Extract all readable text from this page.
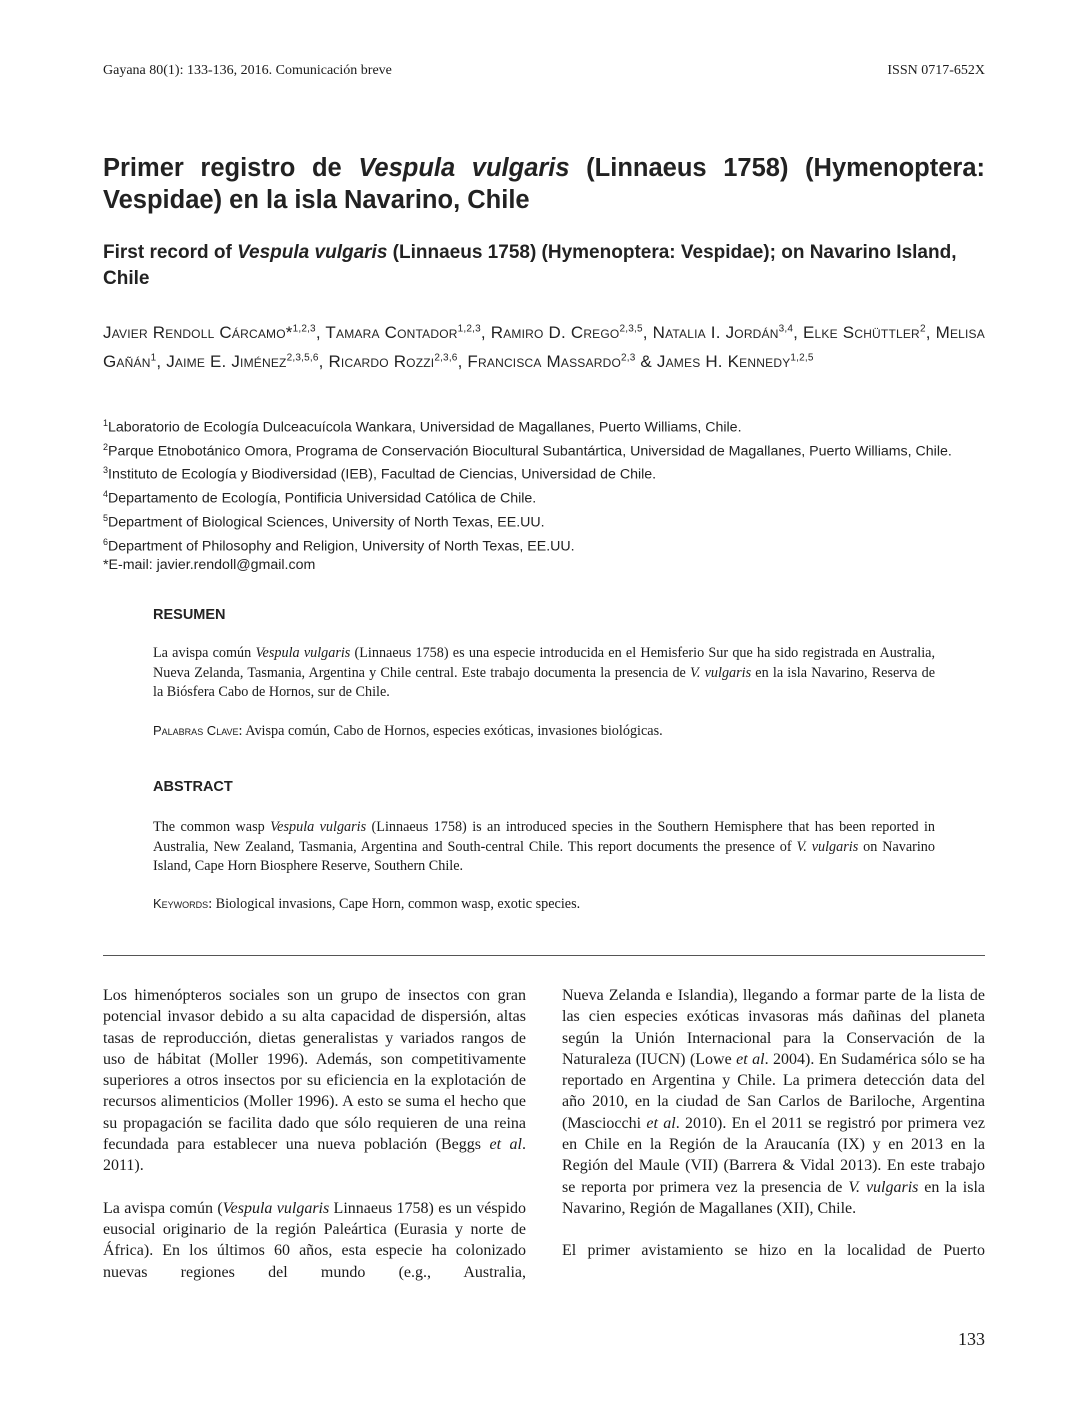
Gayana 80(1): 133-136, 2016. Comunicación breve	ISSN 0717-652X
Primer registro de Vespula vulgaris (Linnaeus 1758) (Hymenoptera: Vespidae) en la isla Navarino, Chile
First record of Vespula vulgaris (Linnaeus 1758) (Hymenoptera: Vespidae); on Navarino Island, Chile
Javier Rendoll Cárcamo*$^{1,2,3}$, Tamara Contador$^{1,2,3}$, Ramiro D. Crego$^{2,3,5}$, Natalia I. Jordán$^{3,4}$, Elke Schüttler$^2$, Melisa Gañán$^1$, Jaime E. Jiménez$^{2,3,5,6}$, Ricardo Rozzi$^{2,3,6}$, Francisca Massardo$^{2,3}$ & James H. Kennedy$^{1,2,5}$
$^1$Laboratorio de Ecología Dulceacuícola Wankara, Universidad de Magallanes, Puerto Williams, Chile.
$^2$Parque Etnobotánico Omora, Programa de Conservación Biocultural Subantártica, Universidad de Magallanes, Puerto Williams, Chile.
$^3$Instituto de Ecología y Biodiversidad (IEB), Facultad de Ciencias, Universidad de Chile.
$^4$Departamento de Ecología, Pontificia Universidad Católica de Chile.
$^5$Department of Biological Sciences, University of North Texas, EE.UU.
$^6$Department of Philosophy and Religion, University of North Texas, EE.UU.
*E-mail: javier.rendoll@gmail.com
RESUMEN
La avispa común Vespula vulgaris (Linnaeus 1758) es una especie introducida en el Hemisferio Sur que ha sido registrada en Australia, Nueva Zelanda, Tasmania, Argentina y Chile central. Este trabajo documenta la presencia de V. vulgaris en la isla Navarino, Reserva de la Biósfera Cabo de Hornos, sur de Chile.
Palabras Clave: Avispa común, Cabo de Hornos, especies exóticas, invasiones biológicas.
ABSTRACT
The common wasp Vespula vulgaris (Linnaeus 1758) is an introduced species in the Southern Hemisphere that has been reported in Australia, New Zealand, Tasmania, Argentina and South-central Chile. This report documents the presence of V. vulgaris on Navarino Island, Cape Horn Biosphere Reserve, Southern Chile.
Keywords: Biological invasions, Cape Horn, common wasp, exotic species.

Los himenópteros sociales son un grupo de insectos con gran potencial invasor debido a su alta capacidad de dispersión, altas tasas de reproducción, dietas generalistas y variados rangos de uso de hábitat (Moller 1996). Además, son competitivamente superiores a otros insectos por su eficiencia en la explotación de recursos alimenticios (Moller 1996). A esto se suma el hecho que su propagación se facilita dado que sólo requieren de una reina fecundada para establecer una nueva población (Beggs et al. 2011).

La avispa común (Vespula vulgaris Linnaeus 1758) es un véspido eusocial originario de la región Paleártica (Eurasia y norte de África). En los últimos 60 años, esta especie ha colonizado nuevas regiones del mundo (e.g., Australia,

Nueva Zelanda e Islandia), llegando a formar parte de la lista de las cien especies exóticas invasoras más dañinas del planeta según la Unión Internacional para la Conservación de la Naturaleza (IUCN) (Lowe et al. 2004). En Sudamérica sólo se ha reportado en Argentina y Chile. La primera detección data del año 2010, en la ciudad de San Carlos de Bariloche, Argentina (Masciocchi et al. 2010). En el 2011 se registró por primera vez en Chile en la Región de la Araucanía (IX) y en 2013 en la Región del Maule (VII) (Barrera & Vidal 2013). En este trabajo se reporta por primera vez la presencia de V. vulgaris en la isla Navarino, Región de Magallanes (XII), Chile.

El primer avistamiento se hizo en la localidad de Puerto

133
